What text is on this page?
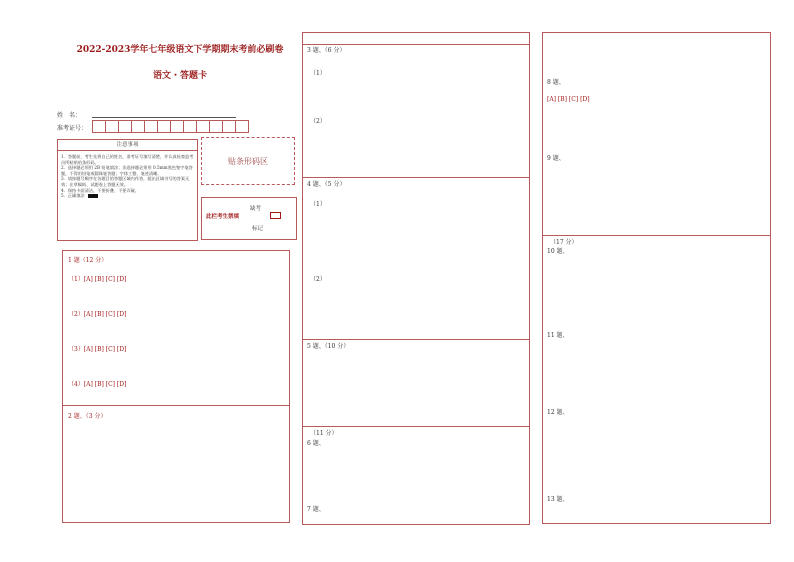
2022-2023学年七年级语文下学期期末考前必刷卷
语文・答题卡
姓　名：
准考证号：
注意事项
1．答题前，考生先将自己的姓名，准考证号填写清楚，并认真检查监考员所粘贴的条形码。
2．选择题必须用 2B 铅笔填涂；非选择题必须用 0.5mm黑色签字笔答题，不得用铅笔或圆珠笔答题；字体工整、笔迹清晰。
3．请按题号顺序在各题目的答题区域内作答，超出区域书写的答案无效；在草稿纸、试题卷上答题无效。
4．保持卡面清洁，不要折叠、不要弄破。
5．正确填涂
贴条形码区
缺考
此栏考生禁填
标记
1 题（12 分）
（1）[A] [B] [C] [D]
（2）[A] [B] [C] [D]
（3）[A] [B] [C] [D]
（4）[A] [B] [C] [D]
2 题、（3 分）
3 题、（6 分）
（1）
（2）
4 题、（5 分）
（1）
（2）
5 题、（10 分）
（11 分）
6 题、
7 题、
8 题、
[A] [B] [C] [D]
9 题、
（17 分）
10 题、
11 题、
12 题、
13 题、
